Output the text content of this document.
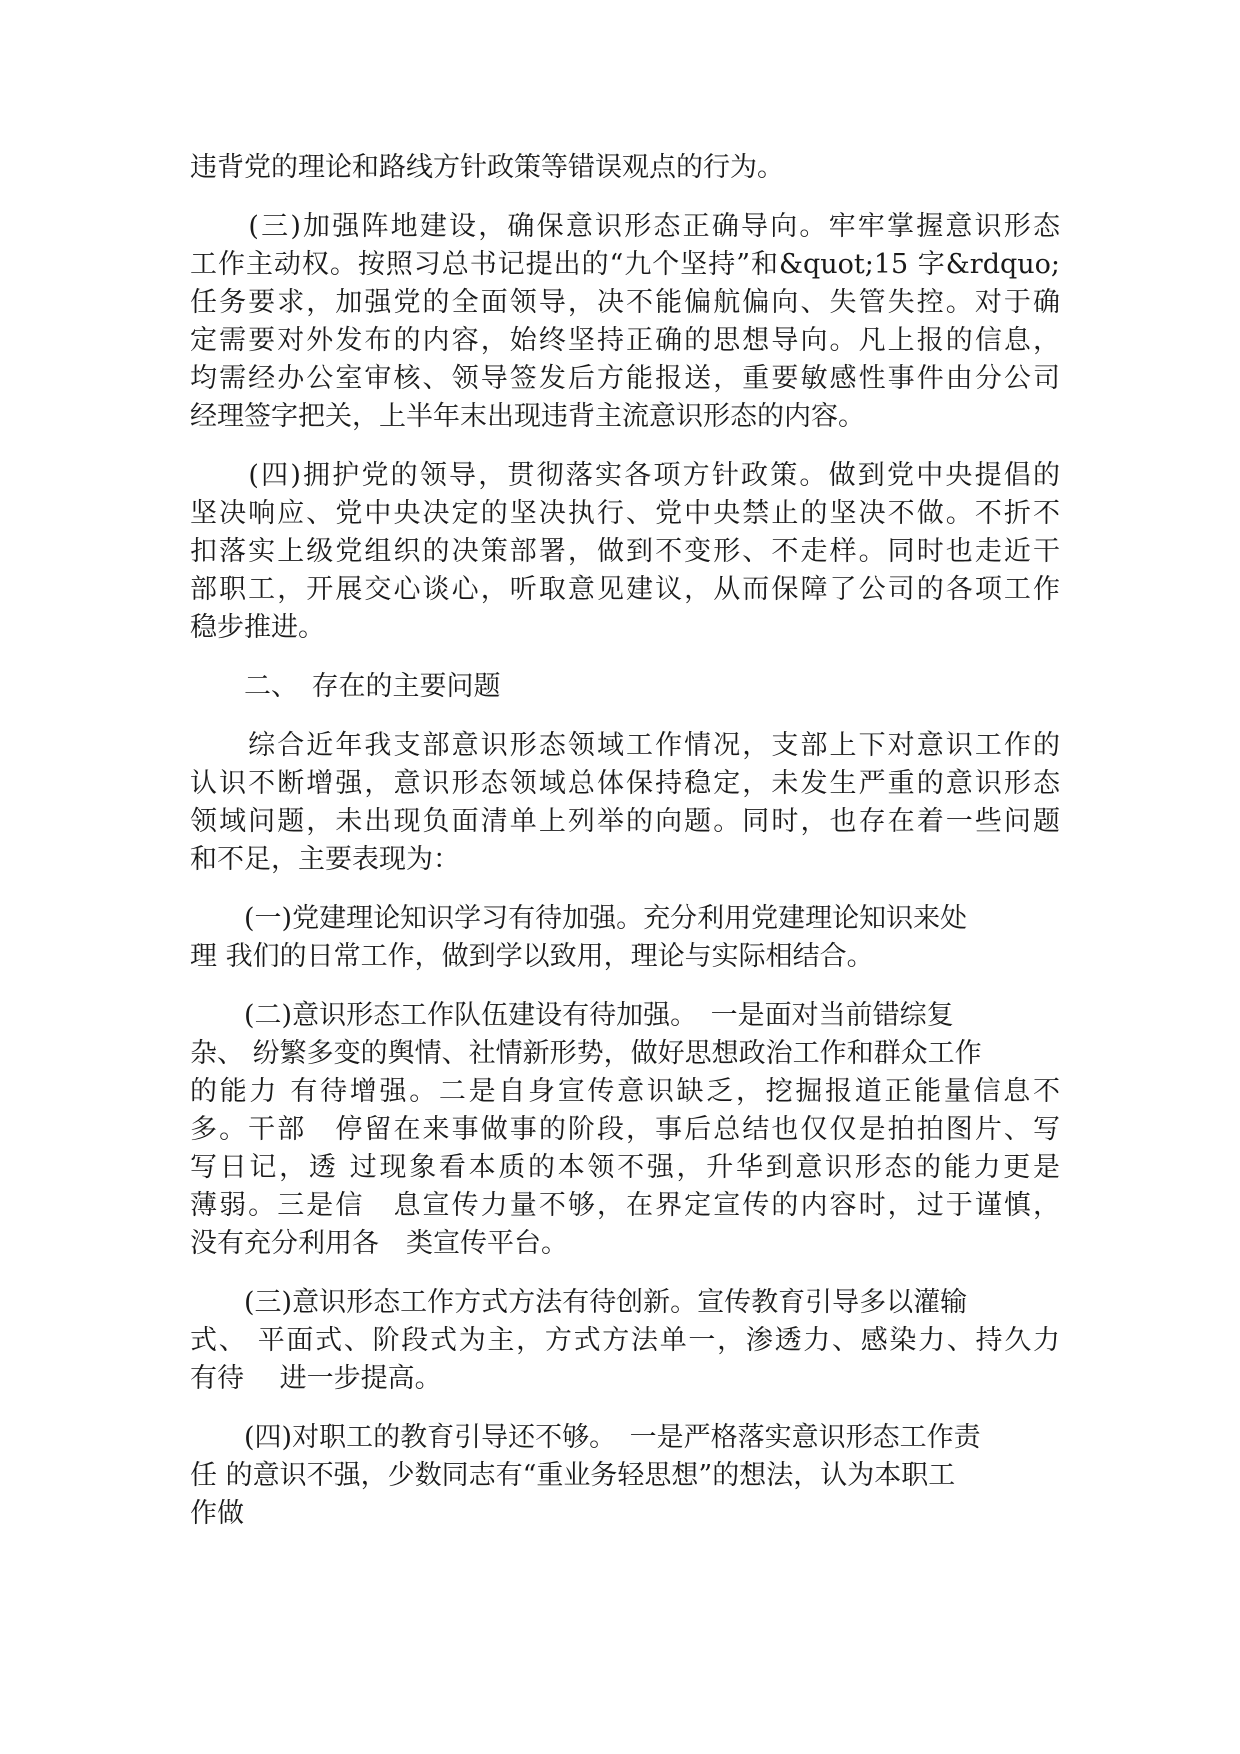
违背党的理论和路线方针政策等错误观点的行为。
　　(三)加强阵地建设，确保意识形态正确导向。牢牢掌握意识形态
工作主动权。按照习总书记提出的“九个坚持”和&quot;15 字&rdquo;
任务要求，加强党的全面领导，决不能偏航偏向、失管失控。对于确
定需要对外发布的内容，始终坚持正确的思想导向。凡上报的信息，
均需经办公室审核、领导签发后方能报送，重要敏感性事件由分公司
经理签字把关，上半年末出现违背主流意识形态的内容。
　　(四)拥护党的领导，贯彻落实各项方针政策。做到党中央提倡的
坚决响应、党中央决定的坚决执行、党中央禁止的坚决不做。不折不
扣落实上级党组织的决策部署，做到不变形、不走样。同时也走近干
部职工，开展交心谈心，听取意见建议，从而保障了公司的各项工作
稳步推进。
　　二、　存在的主要问题
　　综合近年我支部意识形态领域工作情况，支部上下对意识工作的
认识不断增强，意识形态领域总体保持稳定，未发生严重的意识形态
领域问题，未出现负面清单上列举的向题。同时，也存在着一些问题
和不足，主要表现为：
　　(一)党建理论知识学习有待加强。充分利用党建理论知识来处
理 我们的日常工作，做到学以致用，理论与实际相结合。
　　(二)意识形态工作队伍建设有待加强。　一是面对当前错综复
杂、 纷繁多变的舆情、社情新形势，做好思想政治工作和群众工作
的能力 有待增强。二是自身宣传意识缺乏，挖掘报道正能量信息不
多。干部　停留在来事做事的阶段，事后总结也仅仅是拍拍图片、写
写日记，透 过现象看本质的本领不强，升华到意识形态的能力更是
薄弱。三是信　息宣传力量不够，在界定宣传的内容时，过于谨慎，
没有充分利用各　类宣传平台。
　　(三)意识形态工作方式方法有待创新。宣传教育引导多以灌输
式、 平面式、阶段式为主，方式方法单一，渗透力、感染力、持久力
有待　 进一步提高。
　　(四)对职工的教育引导还不够。　一是严格落实意识形态工作责
任 的意识不强，少数同志有“重业务轻思想”的想法，认为本职工
作做
